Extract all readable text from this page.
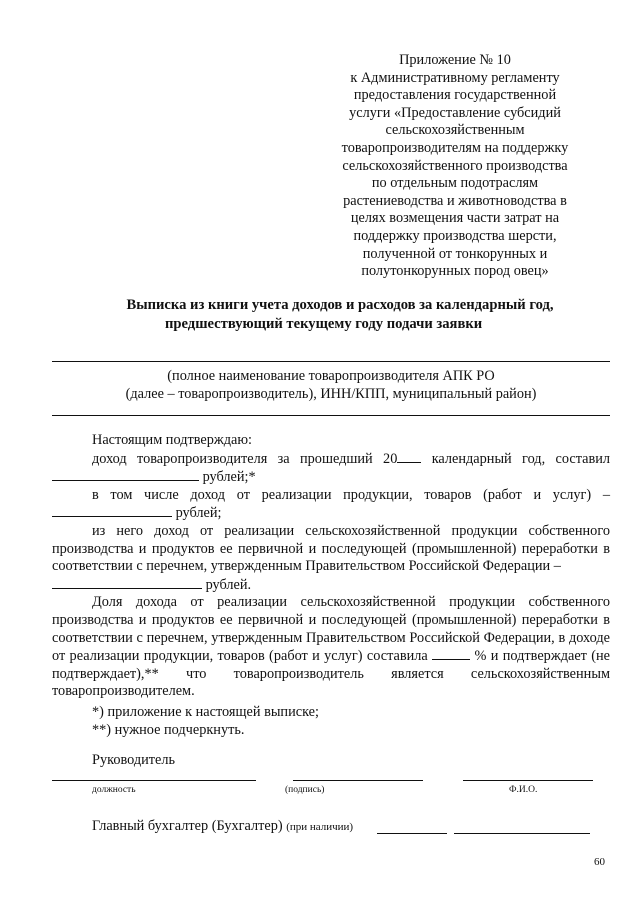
Приложение № 10
к Административному регламенту
предоставления государственной
услуги «Предоставление субсидий
сельскохозяйственным
товаропроизводителям на поддержку
сельскохозяйственного производства
по отдельным подотраслям
растениеводства и животноводства в
целях возмещения части затрат на
поддержку производства шерсти,
полученной от тонкорунных и
полутонкорунных пород овец»
Выписка из книги учета доходов и расходов за календарный год,
предшествующий текущему году подачи заявки
(полное наименование товаропроизводителя АПК РО
(далее – товаропроизводитель), ИНН/КПП, муниципальный район)
Настоящим подтверждаю:
доход товаропроизводителя за прошедший 20 календарный год, составил
рублей;*
в том числе доход от реализации продукции, товаров (работ и услуг) –
рублей;
из него доход от реализации сельскохозяйственной продукции собственного производства и продуктов ее первичной и последующей (промышленной) переработки в соответствии с перечнем, утвержденным Правительством Российской Федерации –
рублей.
Доля дохода от реализации сельскохозяйственной продукции собственного производства и продуктов ее первичной и последующей (промышленной) переработки в соответствии с перечнем, утвержденным Правительством Российской Федерации, в доходе от реализации продукции, товаров (работ и услуг) составила	% и подтверждает (не подтверждает),** что товаропроизводитель является сельскохозяйственным товаропроизводителем.
*) приложение к настоящей выписке;
**) нужное подчеркнуть.
Руководитель
должность	(подпись)	Ф.И.О.
Главный бухгалтер (Бухгалтер) (при наличии)
60
